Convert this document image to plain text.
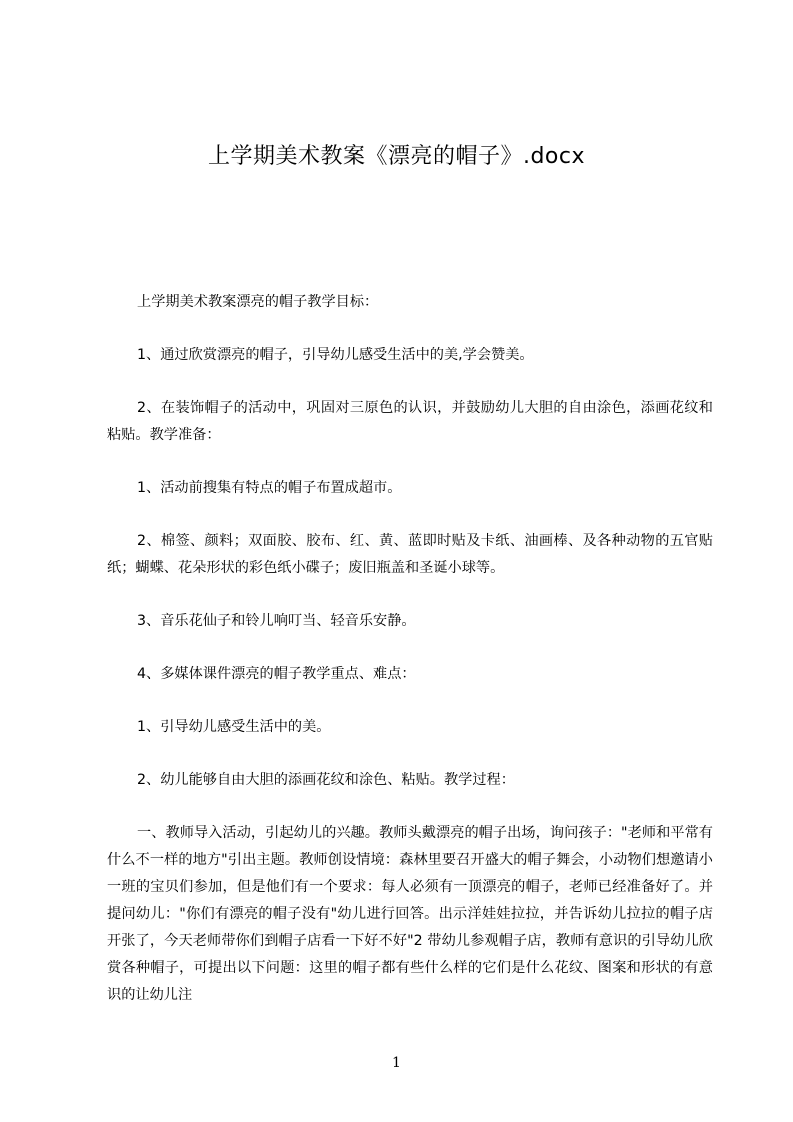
上学期美术教案《漂亮的帽子》.docx

上学期美术教案漂亮的帽子教学目标：

1、通过欣赏漂亮的帽子，引导幼儿感受生活中的美,学会赞美。

2、在装饰帽子的活动中，巩固对三原色的认识，并鼓励幼儿大胆的自由涂色，添画花纹和粘贴。教学准备：

1、活动前搜集有特点的帽子布置成超市。

2、棉签、颜料；双面胶、胶布、红、黄、蓝即时贴及卡纸、油画棒、及各种动物的五官贴纸；蝴蝶、花朵形状的彩色纸小碟子；废旧瓶盖和圣诞小球等。

3、音乐花仙子和铃儿响叮当、轻音乐安静。

4、多媒体课件漂亮的帽子教学重点、难点：

1、引导幼儿感受生活中的美。

2、幼儿能够自由大胆的添画花纹和涂色、粘贴。教学过程：

一、教师导入活动，引起幼儿的兴趣。教师头戴漂亮的帽子出场，询问孩子："老师和平常有什么不一样的地方"引出主题。教师创设情境：森林里要召开盛大的帽子舞会，小动物们想邀请小一班的宝贝们参加，但是他们有一个要求：每人必须有一顶漂亮的帽子，老师已经准备好了。并提问幼儿："你们有漂亮的帽子没有"幼儿进行回答。出示洋娃娃拉拉，并告诉幼儿拉拉的帽子店开张了，今天老师带你们到帽子店看一下好不好"2 带幼儿参观帽子店，教师有意识的引导幼儿欣赏各种帽子，可提出以下问题：这里的帽子都有些什么样的它们是什么花纹、图案和形状的有意识的让幼儿注

1
